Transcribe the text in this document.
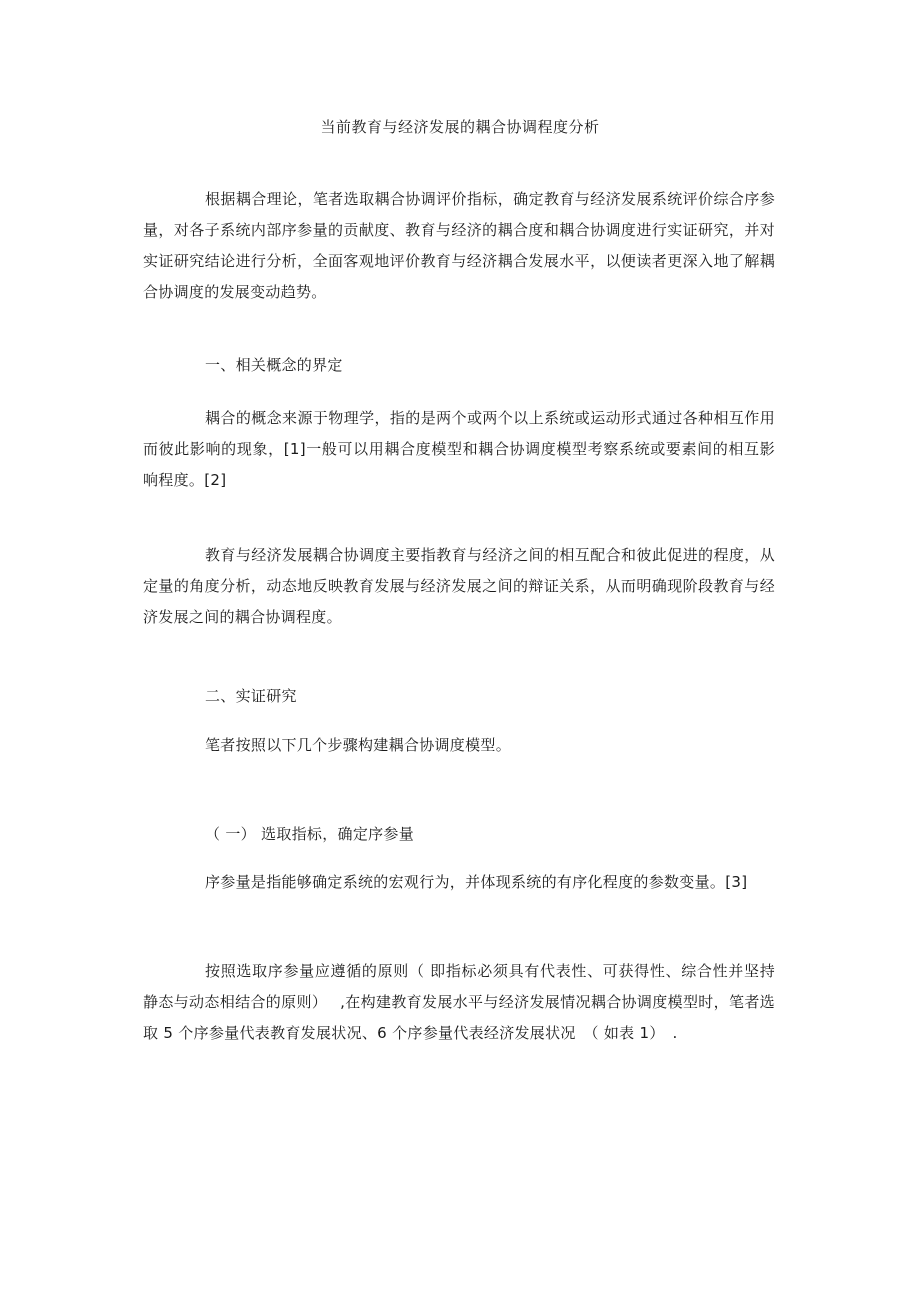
当前教育与经济发展的耦合协调程度分析

根据耦合理论，笔者选取耦合协调评价指标，确定教育与经济发展系统评价综合序参量，对各子系统内部序参量的贡献度、教育与经济的耦合度和耦合协调度进行实证研究，并对实证研究结论进行分析，全面客观地评价教育与经济耦合发展水平，以便读者更深入地了解耦合协调度的发展变动趋势。

一、相关概念的界定

耦合的概念来源于物理学，指的是两个或两个以上系统或运动形式通过各种相互作用而彼此影响的现象，[1]一般可以用耦合度模型和耦合协调度模型考察系统或要素间的相互影响程度。[2]

教育与经济发展耦合协调度主要指教育与经济之间的相互配合和彼此促进的程度，从定量的角度分析，动态地反映教育发展与经济发展之间的辩证关系，从而明确现阶段教育与经济发展之间的耦合协调程度。

二、实证研究
笔者按照以下几个步骤构建耦合协调度模型。
（ 一） 选取指标，确定序参量
序参量是指能够确定系统的宏观行为，并体现系统的有序化程度的参数变量。[3]

按照选取序参量应遵循的原则（ 即指标必须具有代表性、可获得性、综合性并坚持静态与动态相结合的原则）　 ,在构建教育发展水平与经济发展情况耦合协调度模型时，笔者选取 5 个序参量代表教育发展状况、6 个序参量代表经济发展状况　（ 如表 1）　.
